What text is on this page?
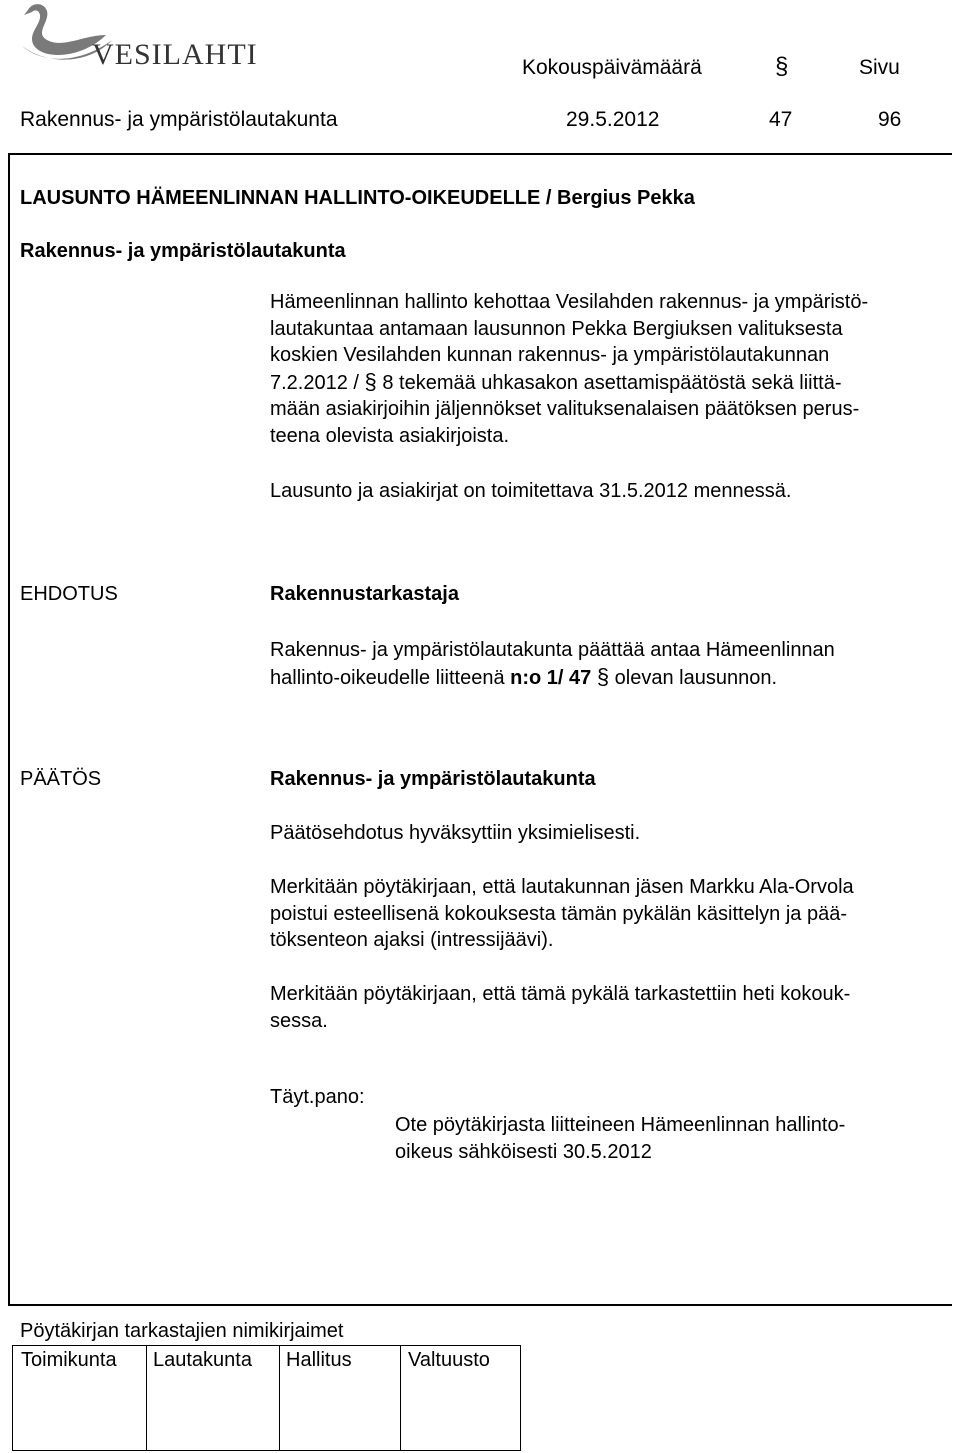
VESILAHTI	Kokouspäivämäärä	§	Sivu
Rakennus- ja ympäristölautakunta	29.5.2012	47	96
LAUSUNTO HÄMEENLINNAN HALLINTO-OIKEUDELLE / Bergius Pekka
Rakennus- ja ympäristölautakunta
Hämeenlinnan hallinto kehottaa Vesilahden rakennus- ja ympäristö-
lautakuntaa antamaan lausunnon Pekka Bergiuksen valituksesta
koskien Vesilahden kunnan rakennus- ja ympäristölautakunnan
7.2.2012 / § 8 tekemää uhkasakon asettamispäätöstä sekä liittä-
mään asiakirjoihin jäljennökset valituksenalaisen päätöksen perus-
teena olevista asiakirjoista.
Lausunto ja asiakirjat on toimitettava 31.5.2012 mennessä.
EHDOTUS	Rakennustarkastaja
Rakennus- ja ympäristölautakunta päättää antaa Hämeenlinnan
hallinto-oikeudelle liitteenä n:o 1/ 47 § olevan lausunnon.
PÄÄTÖS	Rakennus- ja ympäristölautakunta
Päätösehdotus hyväksyttiin yksimielisesti.
Merkitään pöytäkirjaan, että lautakunnan jäsen Markku Ala-Orvola
poistui esteellisenä kokouksesta tämän pykälän käsittelyn ja pää-
töksenteon ajaksi (intressijäävi).
Merkitään pöytäkirjaan, että tämä pykälä tarkastettiin heti kokouk-
sessa.
Täyt.pano:
Ote pöytäkirjasta liitteineen Hämeenlinnan hallinto-
oikeus sähköisesti 30.5.2012
Pöytäkirjan tarkastajien nimikirjaimet
Toimikunta Lautakunta Hallitus	Valtuusto
